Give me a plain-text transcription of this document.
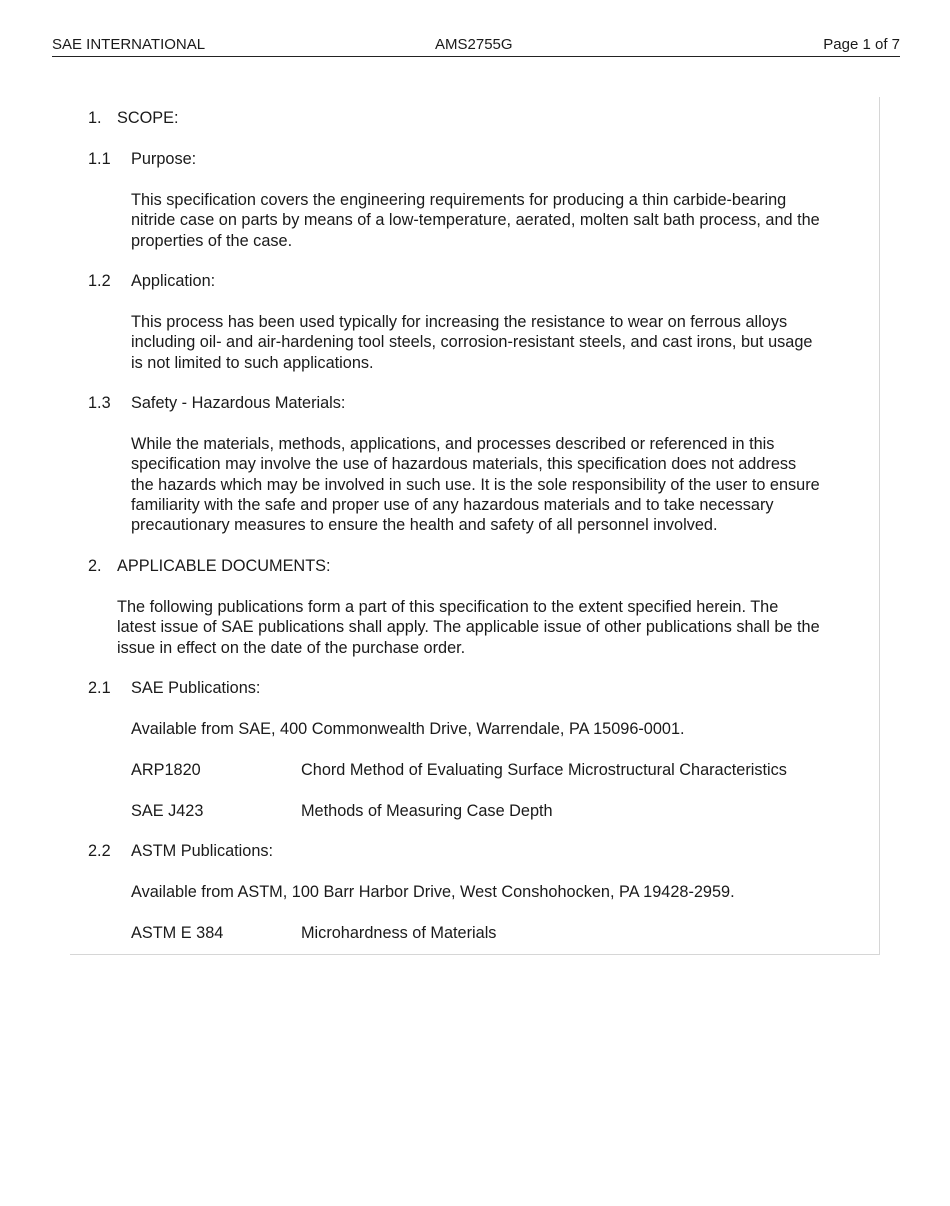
SAE INTERNATIONAL	AMS2755G	Page 1 of 7
1. SCOPE:
1.1 Purpose:
This specification covers the engineering requirements for producing a thin carbide-bearing
nitride case on parts by means of a low-temperature, aerated, molten salt bath process, and the
properties of the case.
1.2 Application:
This process has been used typically for increasing the resistance to wear on ferrous alloys
including oil- and air-hardening tool steels, corrosion-resistant steels, and cast irons, but usage
is not limited to such applications.
1.3 Safety - Hazardous Materials:
While the materials, methods, applications, and processes described or referenced in this
specification may involve the use of hazardous materials, this specification does not address
the hazards which may be involved in such use. It is the sole responsibility of the user to ensure
familiarity with the safe and proper use of any hazardous materials and to take necessary
precautionary measures to ensure the health and safety of all personnel involved.
2. APPLICABLE DOCUMENTS:
The following publications form a part of this specification to the extent specified herein. The
latest issue of SAE publications shall apply. The applicable issue of other publications shall be the
issue in effect on the date of the purchase order.
2.1 SAE Publications:
Available from SAE, 400 Commonwealth Drive, Warrendale, PA 15096-0001.
ARP1820	Chord Method of Evaluating Surface Microstructural Characteristics
SAE J423	Methods of Measuring Case Depth
2.2 ASTM Publications:
Available from ASTM, 100 Barr Harbor Drive, West Conshohocken, PA 19428-2959.
ASTM E 384	Microhardness of Materials
